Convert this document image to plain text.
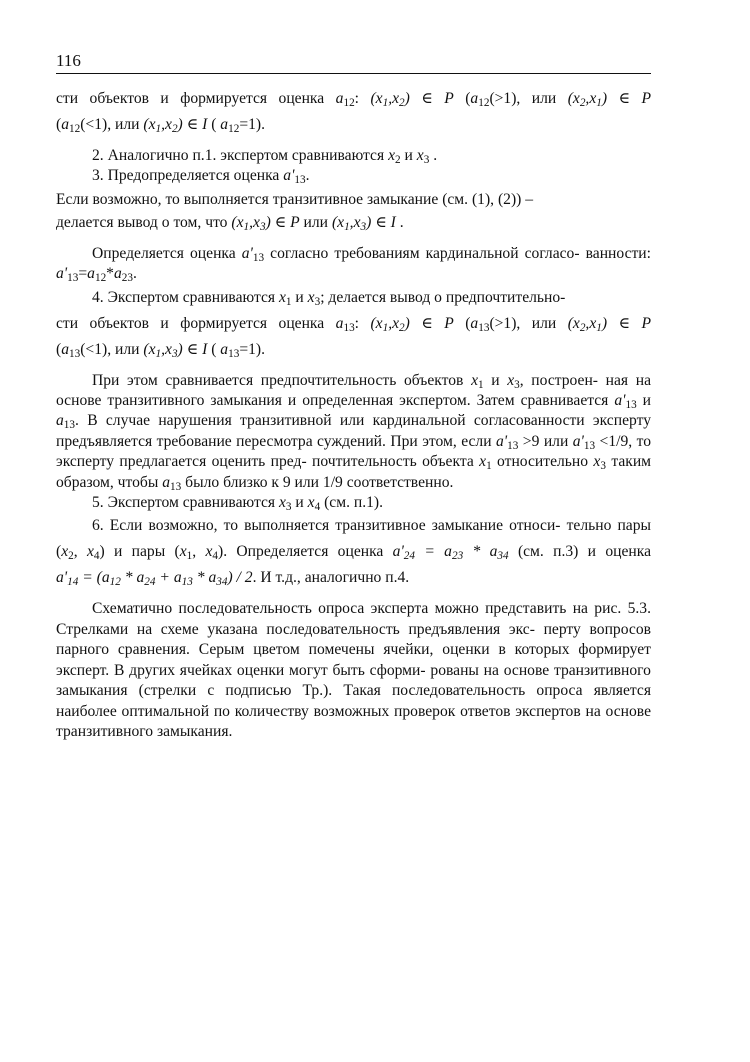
116

сти объектов и формируется оценка $a_{12}$: $(x_1,x_2)$ ∈ P ($a_{12}(>1)$, или $(x_2,x_1)$ ∈ P
($a_{12}(<1)$, или $(x_1,x_2)$ ∈ I ( $a_{12}=1$).

2. Аналогично п.1. экспертом сравниваются $x_2$ и $x_3$ .

3. Предопределяется оценка $a'_{13}$.

Если возможно, то выполняется транзитивное замыкание (см. (1), (2)) –

делается вывод о том, что $(x_1,x_3)$ ∈ P или $(x_1,x_3)$ ∈ I .

Определяется оценка $a'_{13}$ согласно требованиям кардинальной согласо- ванности: $a'_{13}=a_{12}*a_{23}$.

4. Экспертом сравниваются $x_1$ и $x_3$; делается вывод о предпочтительно-

сти объектов и формируется оценка $a_{13}$: $(x_1,x_2)$ ∈ P ($a_{13}(>1)$, или $(x_2,x_1)$ ∈ P
($a_{13}(<1)$, или $(x_1,x_3)$ ∈ I ( $a_{13}=1$).

При этом сравнивается предпочтительность объектов $x_1$ и $x_3$, построен- ная на основе транзитивного замыкания и определенная экспертом. Затем сравнивается $a'_{13}$ и $a_{13}$. В случае нарушения транзитивной или кардинальной согласованности эксперту предъявляется требование пересмотра суждений. При этом, если $a'_{13} >9$ или $a'_{13} <1/9$, то эксперту предлагается оценить пред- почтительность объекта $x_1$ относительно $x_3$ таким образом, чтобы $a_{13}$ было близко к 9 или 1/9 соответственно.

5. Экспертом сравниваются $x_3$ и $x_4$ (см. п.1).

6. Если возможно, то выполняется транзитивное замыкание относи- тельно пары ($x_2$, $x_4$) и пары ($x_1$, $x_4$). Определяется оценка $a'_{24} = a_{23} * a_{34}$ (см. п.3) и оценка $a'_{14} = (a_{12} * a_{24} + a_{13} * a_{34}) / 2$. И т.д., аналогично п.4.

Схематично последовательность опроса эксперта можно представить на рис. 5.3. Стрелками на схеме указана последовательность предъявления экс- перту вопросов парного сравнения. Серым цветом помечены ячейки, оценки в которых формирует эксперт. В других ячейках оценки могут быть сформи- рованы на основе транзитивного замыкания (стрелки с подписью Тр.). Такая последовательность опроса является наиболее оптимальной по количеству возможных проверок ответов экспертов на основе транзитивного замыкания.
